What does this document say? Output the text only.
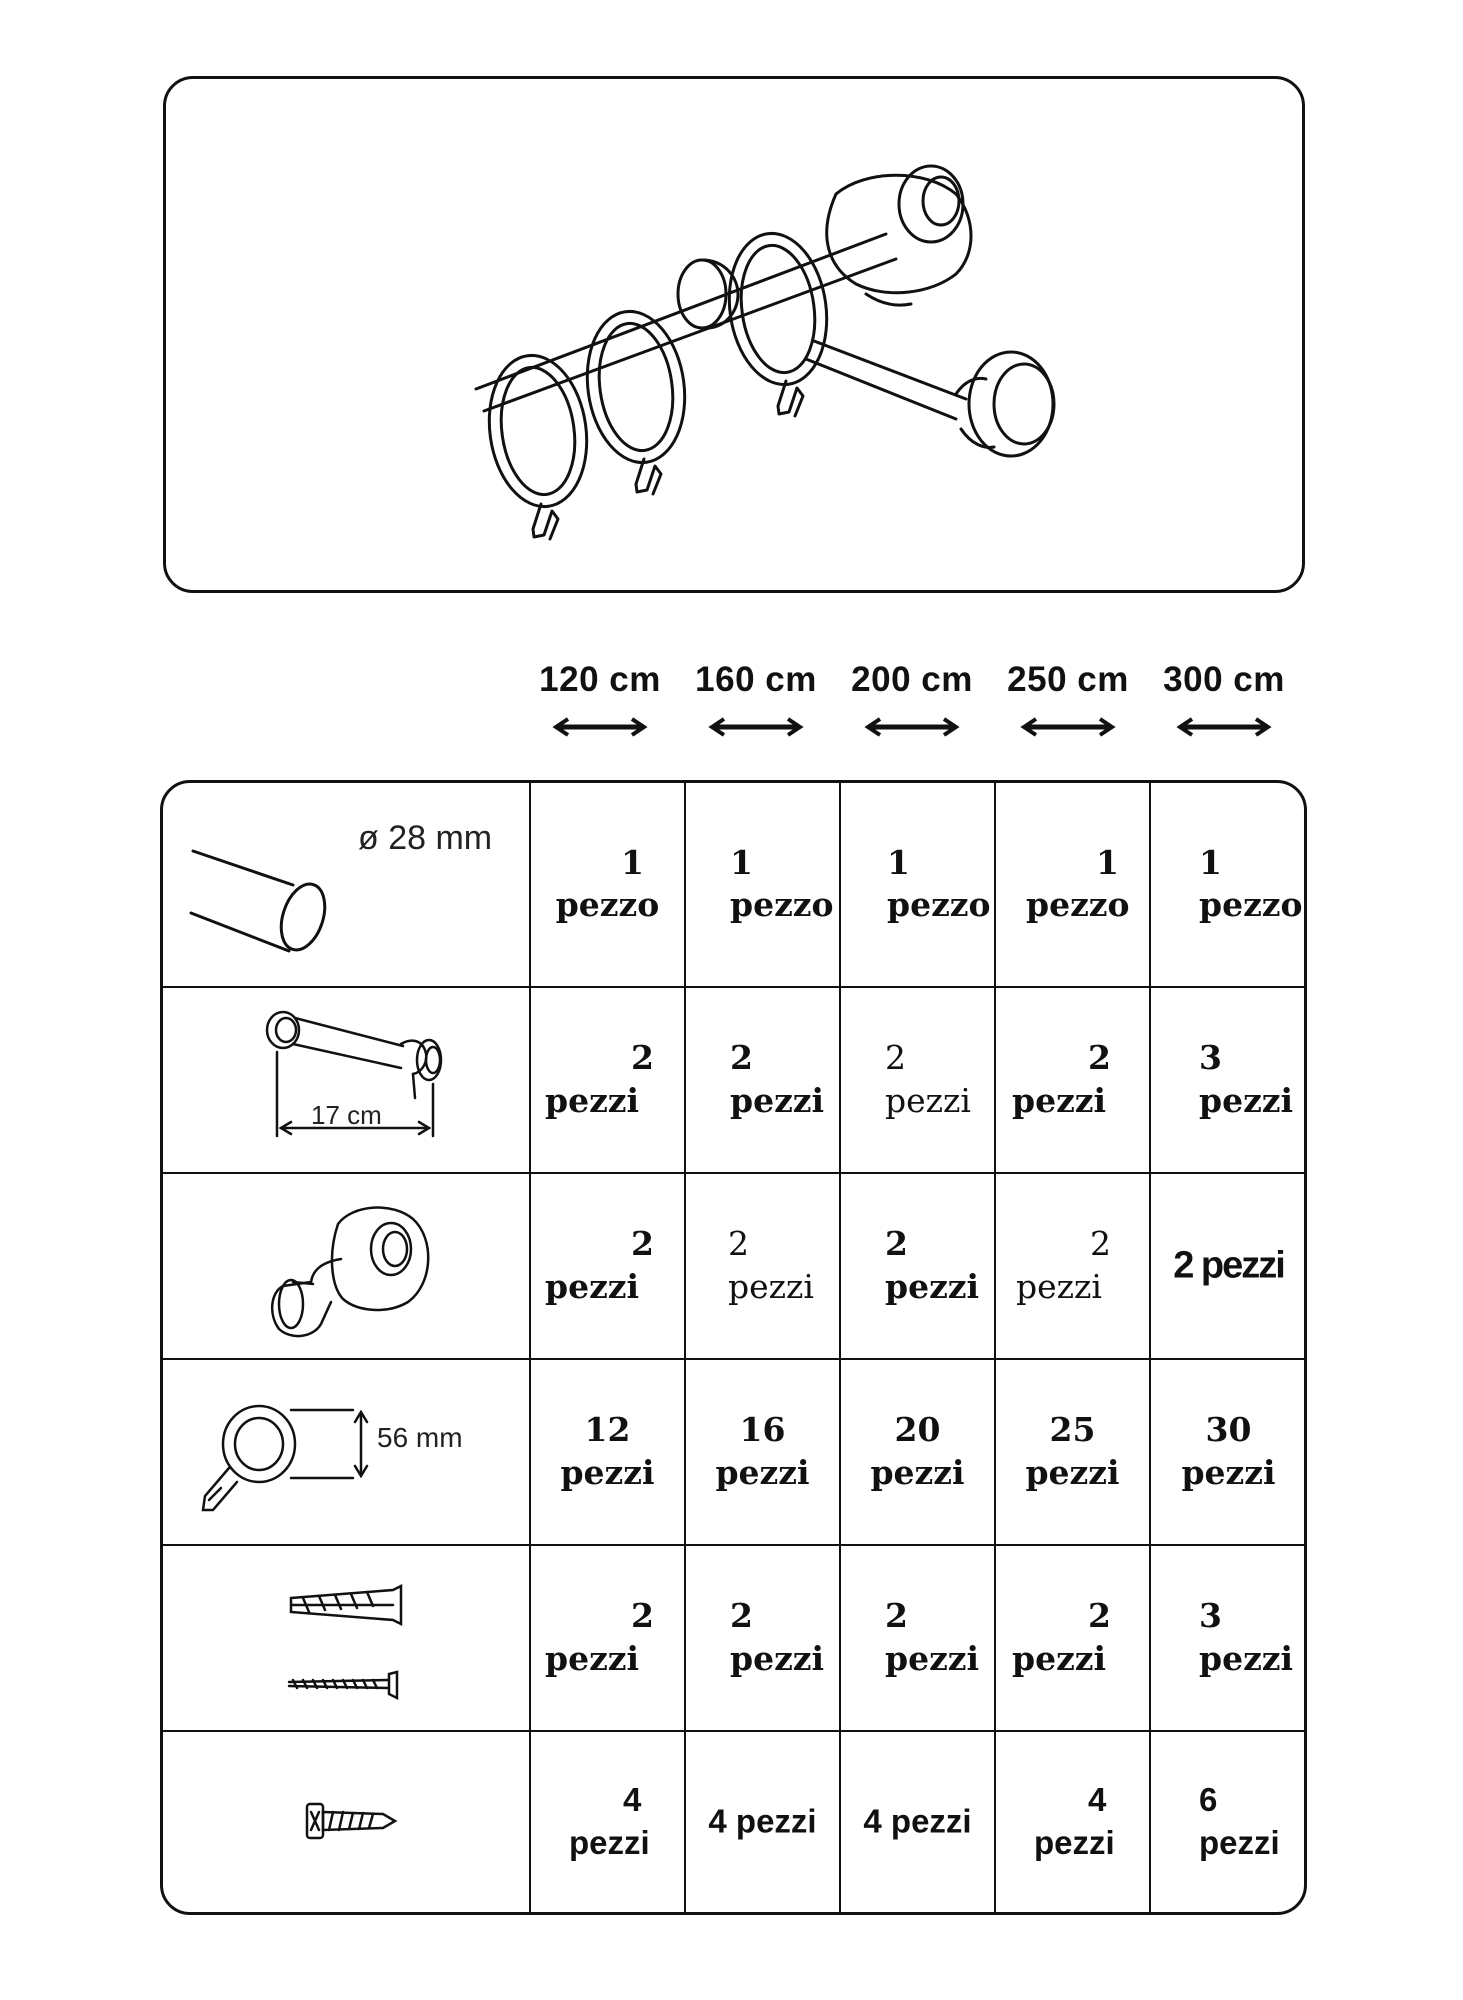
120 cm 160 cm 200 cm 250 cm 300 cm
ø 28 mm
1
pezzo
1
pezzo
1
pezzo
1
pezzo
1
pezzo
17 cm
2
pezzi
2
pezzi
2
pezzi
2
pezzi
3
pezzi
2
pezzi
2
pezzi
2
pezzi
2
pezzi
2 pezzi
56 mm	12
pezzi
16
pezzi
20
pezzi
25
pezzi
30
pezzi
2
pezzi
2
pezzi
2
pezzi
2
pezzi
3
pezzi
4
pezzi
4 pezzi	4 pezzi
4
pezzi
6
pezzi
